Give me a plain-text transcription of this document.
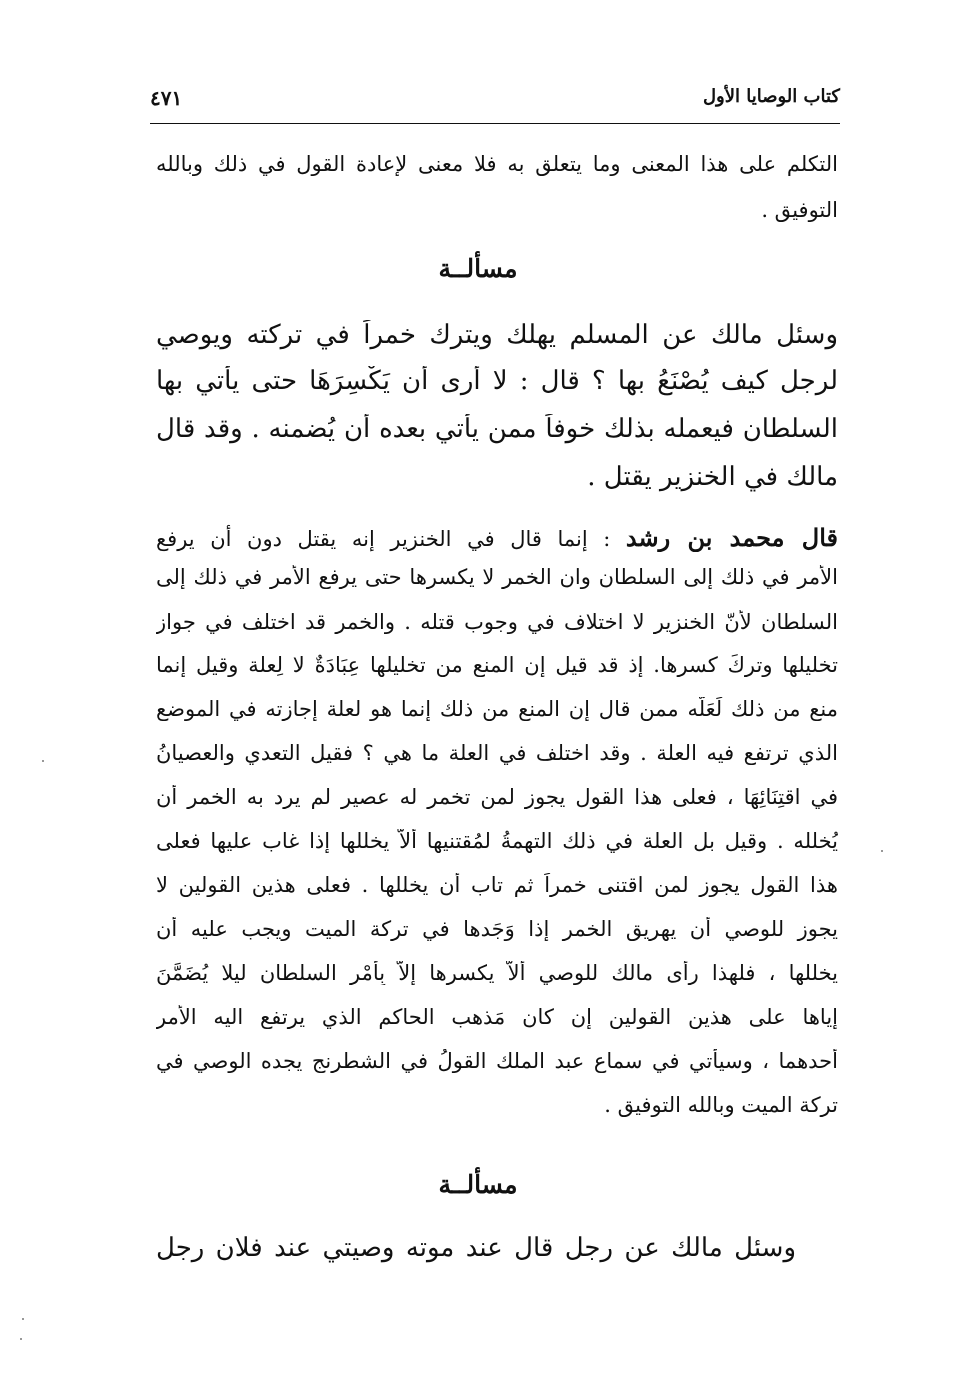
كتاب الوصايا الأول
٤٧١
التكلم على هذا المعنى وما يتعلق به فلا معنى لإعادة القول في ذلك وبالله
التوفيق .
مسألــة
وسئل مالك عن المسلم يهلك ويترك خمراً في تركته ويوصي
لرجل كيف يُصْنَعُ بها ؟ قال : لا أرى أن يَكْسِرَهَا حتى يأتي بها
السلطان فيعمله بذلك خوفاً ممن يأتي بعده أن يُضمنه . وقد قال
مالك في الخنزير يقتل .
قال محمد بن رشد : إنما قال في الخنزير إنه يقتل دون أن يرفع
الأمر في ذلك إلى السلطان وان الخمر لا يكسرها حتى يرفع الأمر في ذلك إلى
السلطان لأنّ الخنزير لا اختلاف في وجوب قتله . والخمر قد اختلف في جواز
تخليلها وتركَ كسرها. إذ قد قيل إن المنع من تخليلها عِبَادَةٌ لا لِعلة وقيل إنما
منع من ذلك لَعَلّه ممن قال إن المنع من ذلك إنما هو لعلة إجازته في الموضع
الذي ترتفع فيه العلة . وقد اختلف في العلة ما هي ؟ فقيل التعدي والعصيانُ
في اقتِنَائِهَا ، فعلى هذا القول يجوز لمن تخمر له عصير لم يرد به الخمر أن
يُخلله . وقيل بل العلة في ذلك التهمةُ لمُقتنيها ألاّ يخللها إذا غاب عليها فعلى
هذا القول يجوز لمن اقتنى خمراً ثم تاب أن يخللها . فعلى هذين القولين لا
يجوز للوصي أن يهريق الخمر إذا وَجَدها في تركة الميت ويجب عليه أن
يخللها ، فلهذا رأى مالك للوصي ألاّ يكسرها إلاّ بِأَمْرِ السلطان ليلا يُضَمَّنَ
إياها على هذين القولين إن كان مَذهب الحاكم الذي يرتفع اليه الأمر
أحدهما ، وسيأتي في سماع عبد الملك القولُ في الشطرنج يجده الوصي في
تركة الميت وبالله التوفيق .
مسألــة
وسئل مالك عن رجل قال عند موته وصيتي عند فلان رجل
